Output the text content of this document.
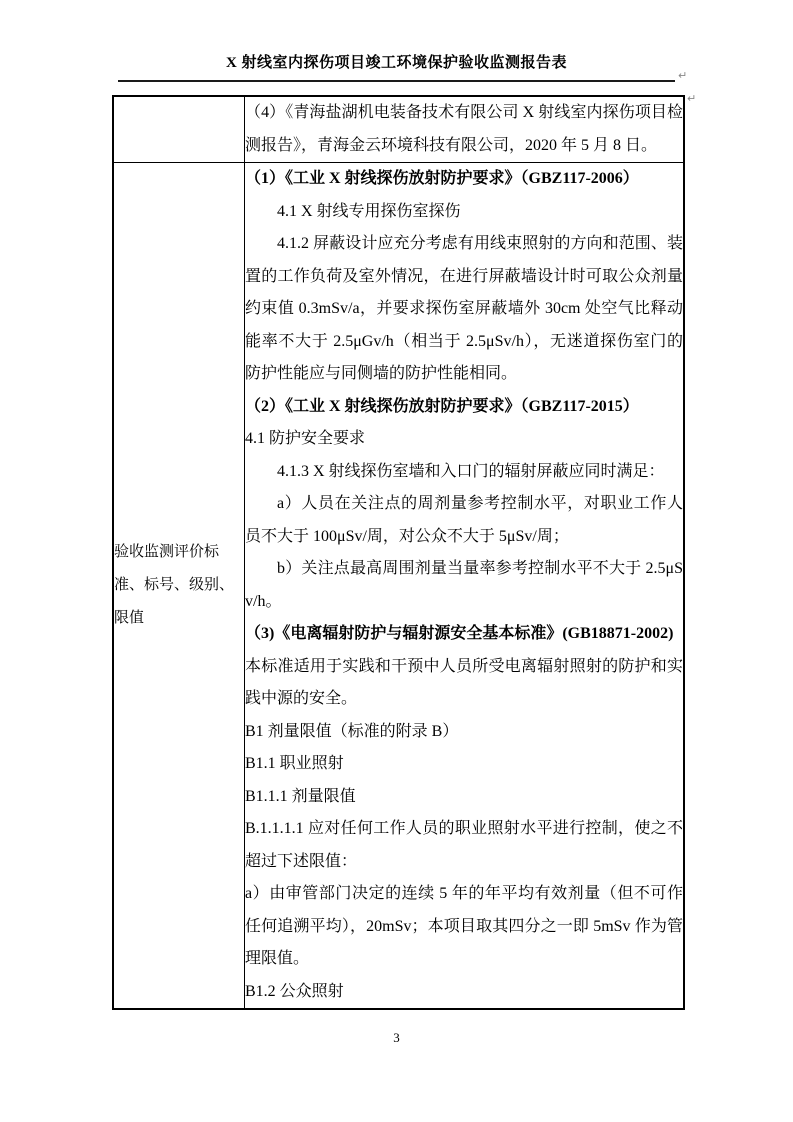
X 射线室内探伤项目竣工环境保护验收监测报告表
↵
↵

	（4）《青海盐湖机电装备技术有限公司 X 射线室内探伤项目检测报告》，青海金云环境科技有限公司，2020 年 5 月 8 日。

验收监测评价标
准、标号、级别、
限值

（1）《工业 X 射线探伤放射防护要求》（GBZ117-2006）

4.1 X 射线专用探伤室探伤

4.1.2 屏蔽设计应充分考虑有用线束照射的方向和范围、装置的工作负荷及室外情况，在进行屏蔽墙设计时可取公众剂量约束值 0.3mSv/a，并要求探伤室屏蔽墙外 30cm 处空气比释动能率不大于 2.5μGv/h（相当于 2.5μSv/h），无迷道探伤室门的防护性能应与同侧墙的防护性能相同。

（2）《工业 X 射线探伤放射防护要求》（GBZ117-2015）

4.1 防护安全要求

4.1.3 X 射线探伤室墙和入口门的辐射屏蔽应同时满足：

a）人员在关注点的周剂量参考控制水平，对职业工作人员不大于 100μSv/周，对公众不大于 5μSv/周；

b）关注点最高周围剂量当量率参考控制水平不大于 2.5μSv/h。

（3)《电离辐射防护与辐射源安全基本标准》(GB18871-2002)

本标准适用于实践和干预中人员所受电离辐射照射的防护和实践中源的安全。

B1 剂量限值（标准的附录 B）

B1.1 职业照射

B1.1.1 剂量限值

B.1.1.1.1 应对任何工作人员的职业照射水平进行控制，使之不超过下述限值：

a）由审管部门决定的连续 5 年的年平均有效剂量（但不可作任何追溯平均），20mSv；本项目取其四分之一即 5mSv 作为管理限值。

B1.2 公众照射

3
